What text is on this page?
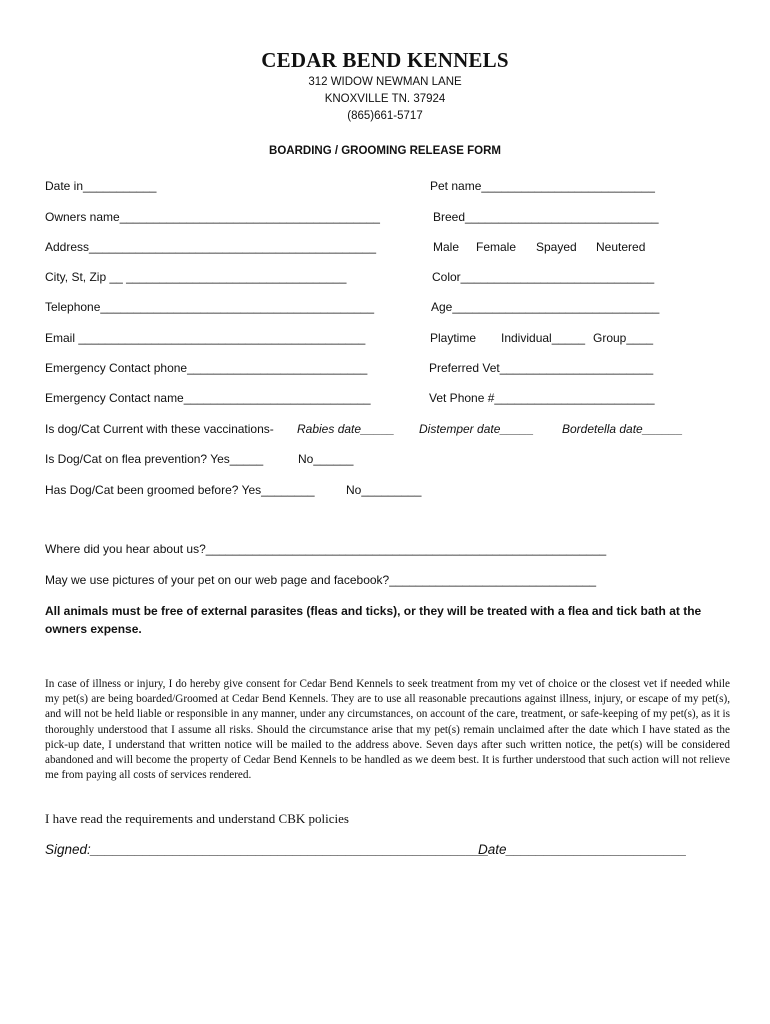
CEDAR BEND KENNELS
312 WIDOW NEWMAN LANE
KNOXVILLE TN. 37924
(865)661-5717
BOARDING / GROOMING RELEASE FORM
Date in___________
Owners name_______________________________________
Address___________________________________________
City, St, Zip __ _________________________________
Telephone_________________________________________
Email ___________________________________________
Emergency Contact phone___________________________
Emergency Contact name____________________________
Pet name__________________________
Breed_____________________________
Male Female Spayed Neutered
Color_____________________________
Age_______________________________
Playtime Individual_____ Group____
Preferred Vet_______________________
Vet Phone #________________________
Is dog/Cat Current with these vaccinations- Rabies date_____ Distemper date_____ Bordetella date______
Is Dog/Cat on flea prevention? Yes_____	No______
Has Dog/Cat been groomed before? Yes________	No_________
Where did you hear about us?____________________________________________________________
May we use pictures of your pet on our web page and facebook?_______________________________
All animals must be free of external parasites (fleas and ticks), or they will be treated with a flea and tick bath at the owners expense.
In case of illness or injury, I do hereby give consent for Cedar Bend Kennels to seek treatment from my vet of choice or the closest vet if needed while my pet(s) are being boarded/Groomed at Cedar Bend Kennels. They are to use all reasonable precautions against illness, injury, or escape of my pet(s), and will not be held liable or responsible in any manner, under any circumstances, on account of the care, treatment, or safe-keeping of my pet(s), as it is thoroughly understood that I assume all risks. Should the circumstance arise that my pet(s) remain unclaimed after the date which I have stated as the pick-up date, I understand that written notice will be mailed to the address above. Seven days after such written notice, the pet(s) will be considered abandoned and will become the property of Cedar Bend Kennels to be handled as we deem best. It is further understood that such action will not relieve me from paying all costs of services rendered.
I have read the requirements and understand CBK policies
Signed:_____________________________________________________
Date________________________
